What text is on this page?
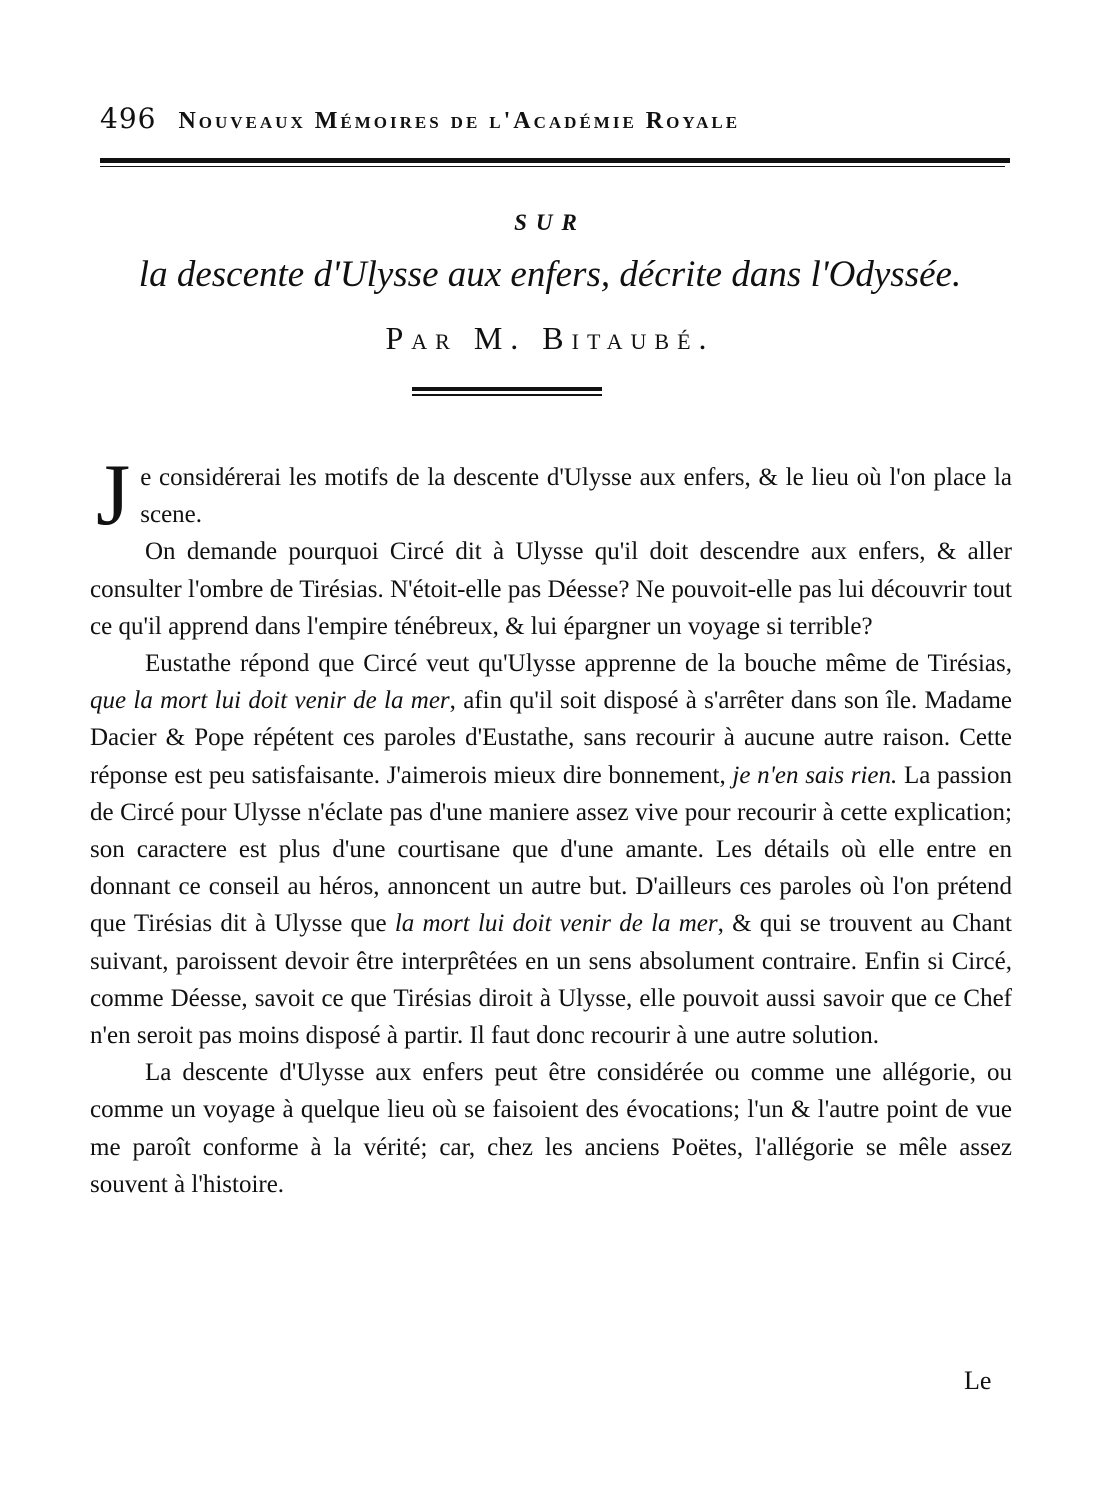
496 Nouveaux Mémoires de l'Académie Royale
SUR
la descente d'Ulysse aux enfers, décrite dans l'Odyssée.
Par M. Bitaubé.

Je considérerai les motifs de la descente d'Ulysse aux enfers, & le lieu où l'on place la scene.

On demande pourquoi Circé dit à Ulysse qu'il doit descendre aux enfers, & aller consulter l'ombre de Tirésias. N'étoit-elle pas Déesse? Ne pouvoit-elle pas lui découvrir tout ce qu'il apprend dans l'empire ténébreux, & lui épargner un voyage si terrible?

Eustathe répond que Circé veut qu'Ulysse apprenne de la bouche même de Tirésias, que la mort lui doit venir de la mer, afin qu'il soit disposé à s'arrêter dans son île. Madame Dacier & Pope répétent ces paroles d'Eustathe, sans recourir à aucune autre raison. Cette réponse est peu satisfaisante. J'aimerois mieux dire bonnement, je n'en sais rien. La passion de Circé pour Ulysse n'éclate pas d'une maniere assez vive pour recourir à cette explication; son caractere est plus d'une courtisane que d'une amante. Les détails où elle entre en donnant ce conseil au héros, annoncent un autre but. D'ailleurs ces paroles où l'on prétend que Tirésias dit à Ulysse que la mort lui doit venir de la mer, & qui se trouvent au Chant suivant, paroissent devoir être interprêtées en un sens absolument contraire. Enfin si Circé, comme Déesse, savoit ce que Tirésias diroit à Ulysse, elle pouvoit aussi savoir que ce Chef n'en seroit pas moins disposé à partir. Il faut donc recourir à une autre solution.

La descente d'Ulysse aux enfers peut être considérée ou comme une allégorie, ou comme un voyage à quelque lieu où se faisoient des évocations; l'un & l'autre point de vue me paroît conforme à la vérité; car, chez les anciens Poëtes, l'allégorie se mêle assez souvent à l'histoire.

Le
